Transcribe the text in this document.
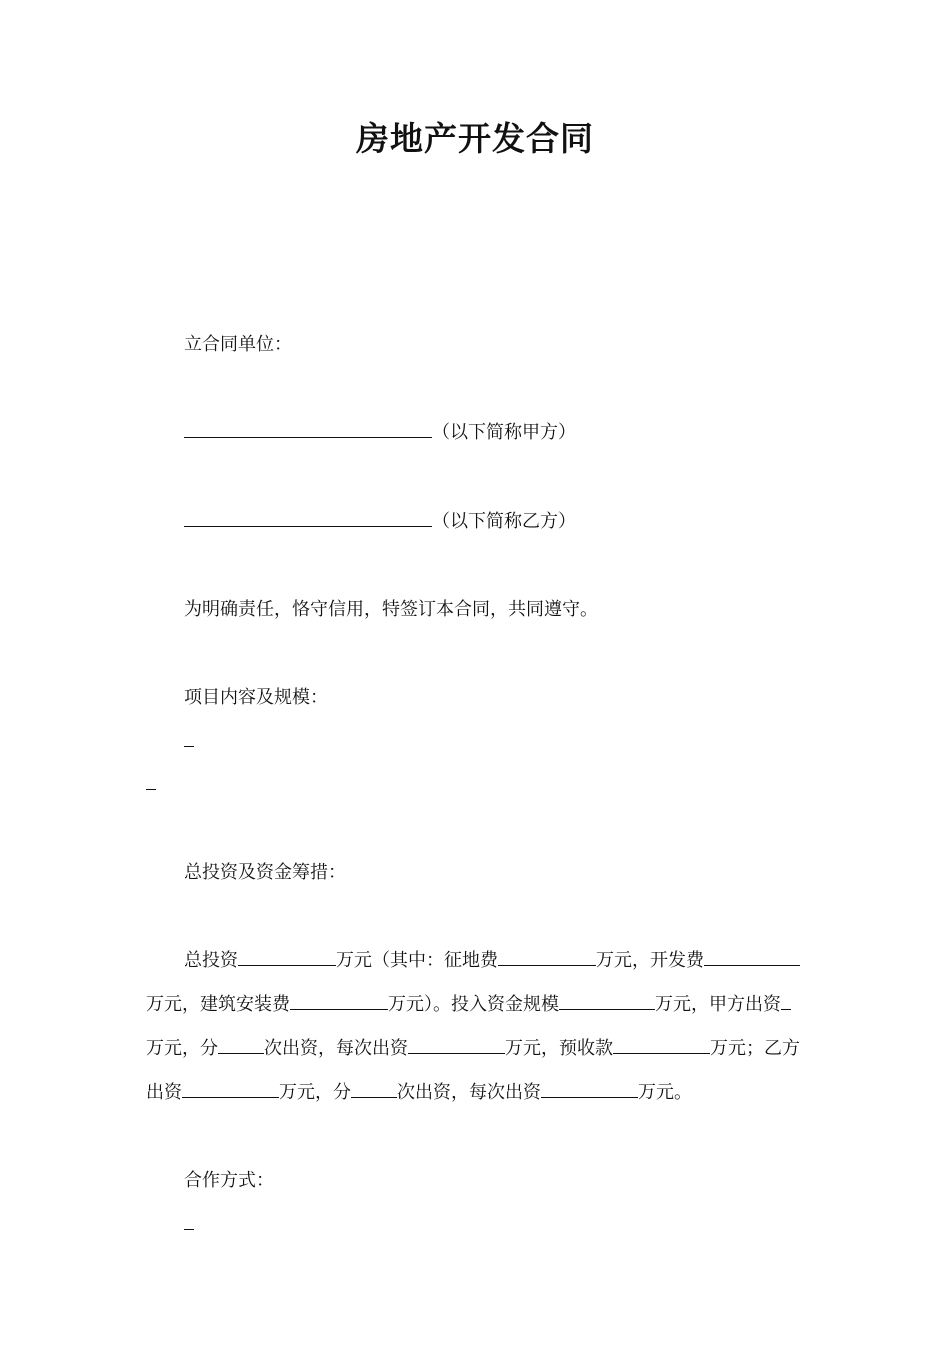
房地产开发合同
立合同单位：
（以下简称甲方）
（以下简称乙方）
为明确责任，恪守信用，特签订本合同，共同遵守。
项目内容及规模：
总投资及资金筹措：
总投资	万元（其中：征地费	万元，开发费
万元，建筑安装费	万元）。投入资金规模	万元，甲方出资
万元，分	次出资，每次出资	万元，预收款	万元；乙方
出资	万元，分	次出资，每次出资	万元。
合作方式：
